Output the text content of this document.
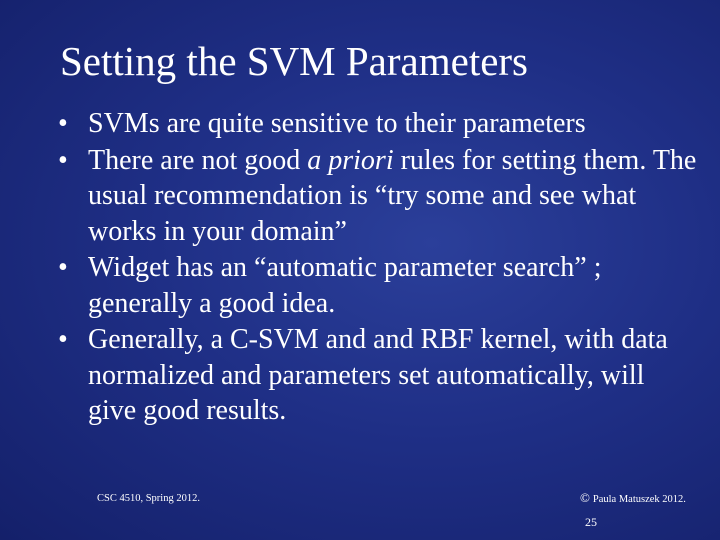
Setting the SVM Parameters
• SVMs are quite sensitive to their parameters
• There are not good a priori rules for setting them. The usual recommendation is “try some and see what works in your domain”
• Widget has an “automatic parameter search” ; generally a good idea.
• Generally, a C-SVM and and RBF kernel, with data normalized and parameters set automatically, will give good results.
CSC 4510, Spring 2012.	© Paula Matuszek 2012.
25
